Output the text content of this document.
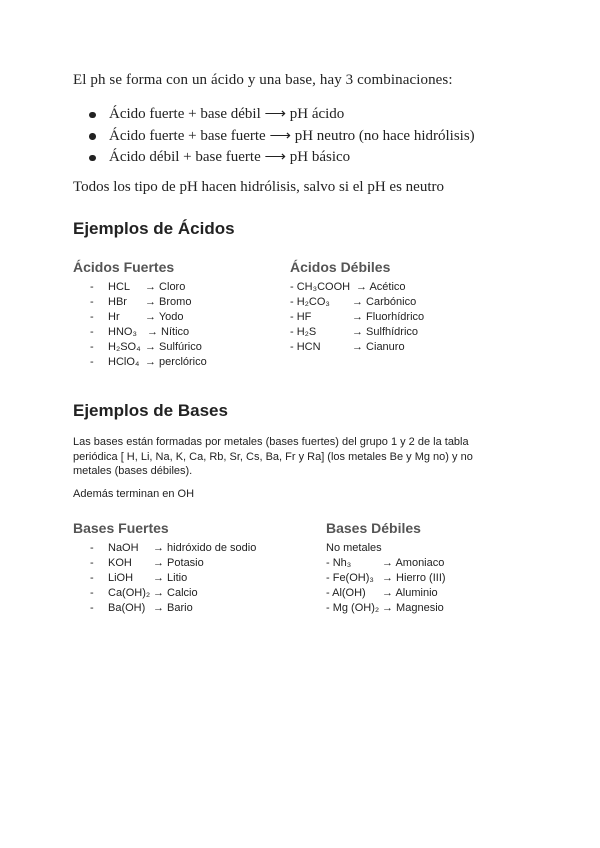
El ph se forma con un ácido y una base, hay 3 combinaciones:
Ácido fuerte + base débil ⟶ pH ácido
Ácido fuerte + base fuerte ⟶ pH neutro (no hace hidrólisis)
Ácido débil + base fuerte ⟶ pH básico
Todos los tipo de pH hacen hidrólisis, salvo si el pH es neutro
Ejemplos de Ácidos
Ácidos Fuertes	Ácidos Débiles
- HCL → Cloro
- HBr → Bromo
- Hr → Yodo
- HNO₃ → Nítico
- H₂SO₄ → Sulfúrico
- HClO₄ → perclórico
- CH₃COOH → Acético
- H₂CO₃ → Carbónico
- HF	→ Fluorhídrico
- H₂S	→ Sulfhídrico
- HCN	→ Cianuro
Ejemplos de Bases
Las bases están formadas por metales (bases fuertes) del grupo 1 y 2 de la tabla periódica [ H, Li, Na, K, Ca, Rb, Sr, Cs, Ba, Fr y Ra] (los metales Be y Mg no) y no metales (bases débiles).
Además terminan en OH
Bases Fuertes	Bases Débiles
- NaOH → hidróxido de sodio
- KOH → Potasio
- LiOH → Litio
- Ca(OH)₂ → Calcio
- Ba(OH) → Bario
No metales
- Nh₃	→ Amoniaco
- Fe(OH)₃ → Hierro (III)
- Al(OH) → Aluminio
- Mg (OH)₂ → Magnesio
